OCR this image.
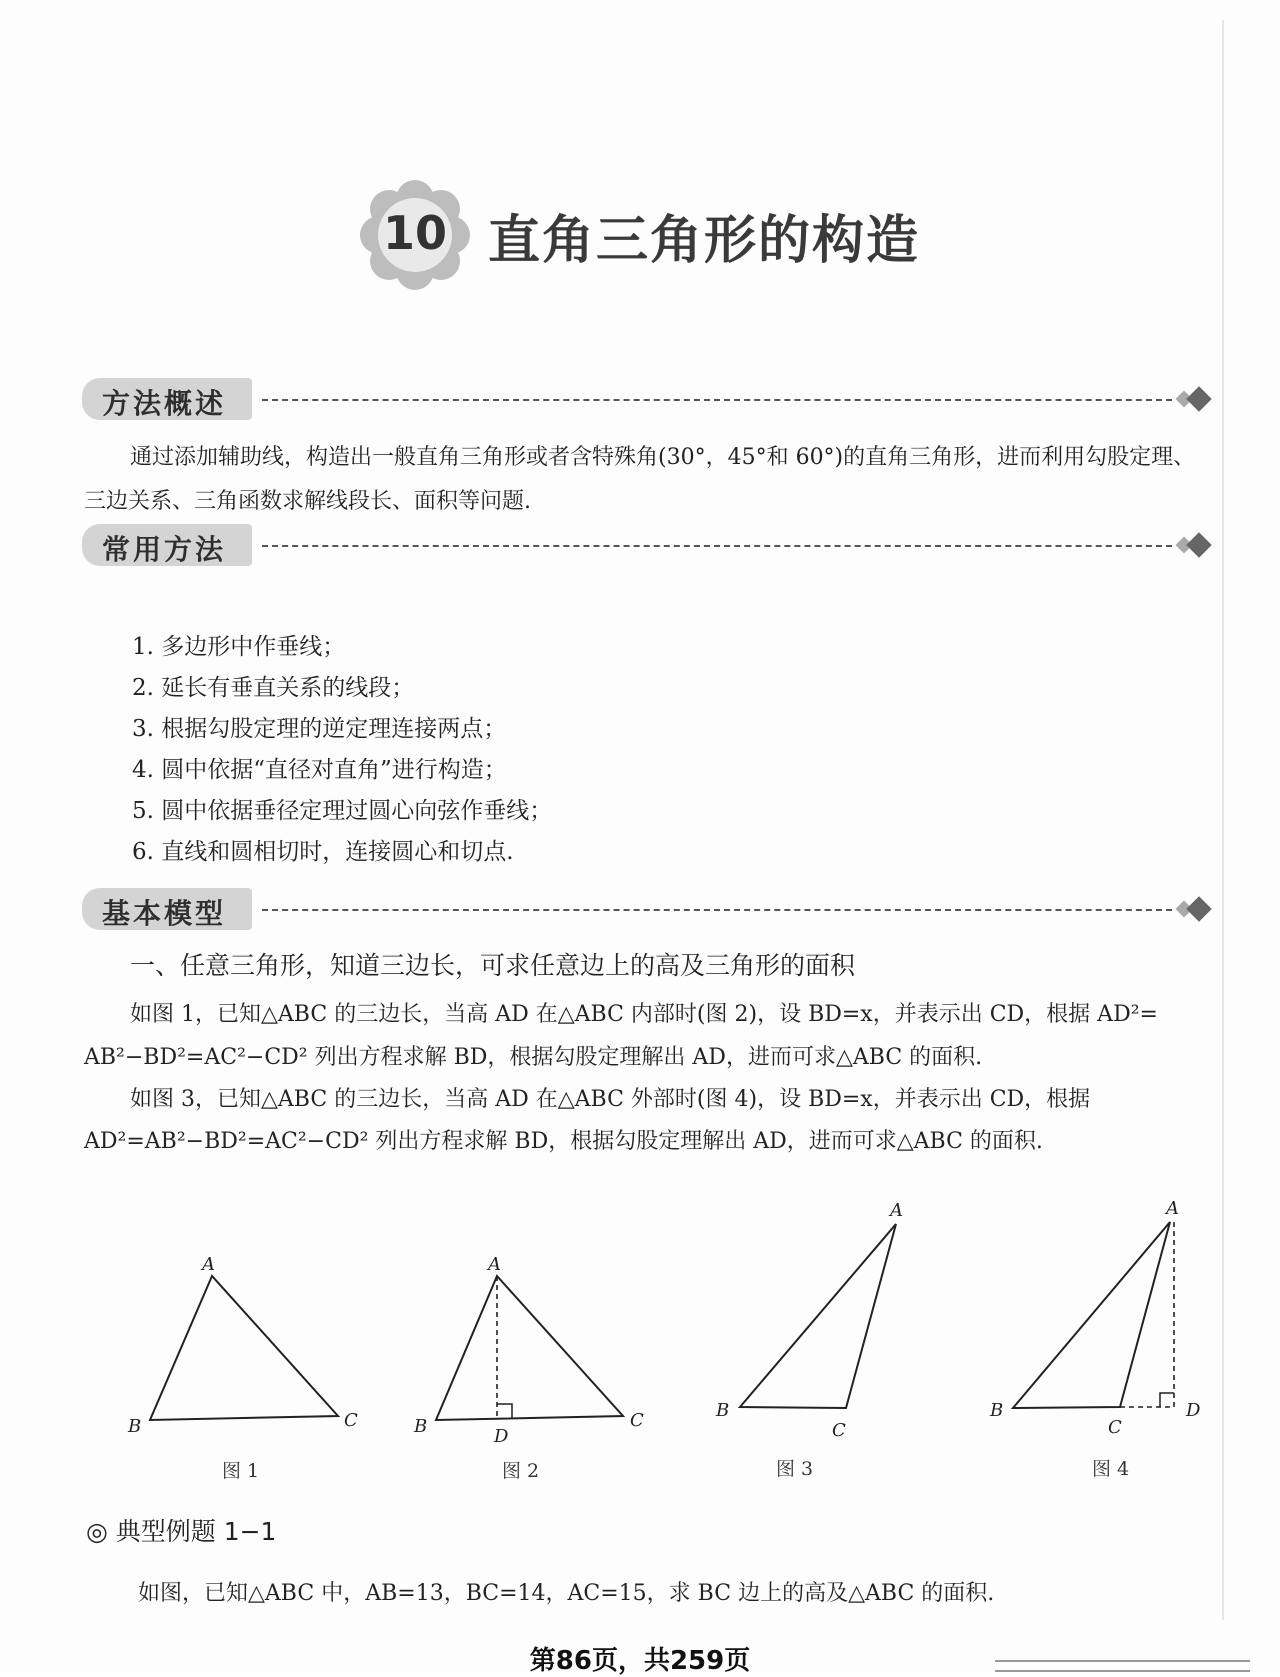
10 直角三角形的构造
方法概述
通过添加辅助线，构造出一般直角三角形或者含特殊角(30°，45°和 60°)的直角三角形，进而利用勾股定理、三边关系、三角函数求解线段长、面积等问题.
常用方法
1. 多边形中作垂线；
2. 延长有垂直关系的线段；
3. 根据勾股定理的逆定理连接两点；
4. 圆中依据“直径对直角”进行构造；
5. 圆中依据垂径定理过圆心向弦作垂线；
6. 直线和圆相切时，连接圆心和切点.
基本模型
一、任意三角形，知道三边长，可求任意边上的高及三角形的面积
如图 1，已知△ABC 的三边长，当高 AD 在△ABC 内部时(图 2)，设 BD=x，并表示出 CD，根据 AD²=
AB²−BD²=AC²−CD² 列出方程求解 BD，根据勾股定理解出 AD，进而可求△ABC 的面积.
如图 3，已知△ABC 的三边长，当高 AD 在△ABC 外部时(图 4)，设 BD=x，并表示出 CD，根据
AD²=AB²−BD²=AC²−CD² 列出方程求解 BD，根据勾股定理解出 AD，进而可求△ABC 的面积.
A
B	C
A
B	C
D
A
B
C
A
B
C
D
图 1	图 2	图 3	图 4
◎ 典型例题 1−1
如图，已知△ABC 中，AB=13，BC=14，AC=15，求 BC 边上的高及△ABC 的面积.
第86页，共259页
